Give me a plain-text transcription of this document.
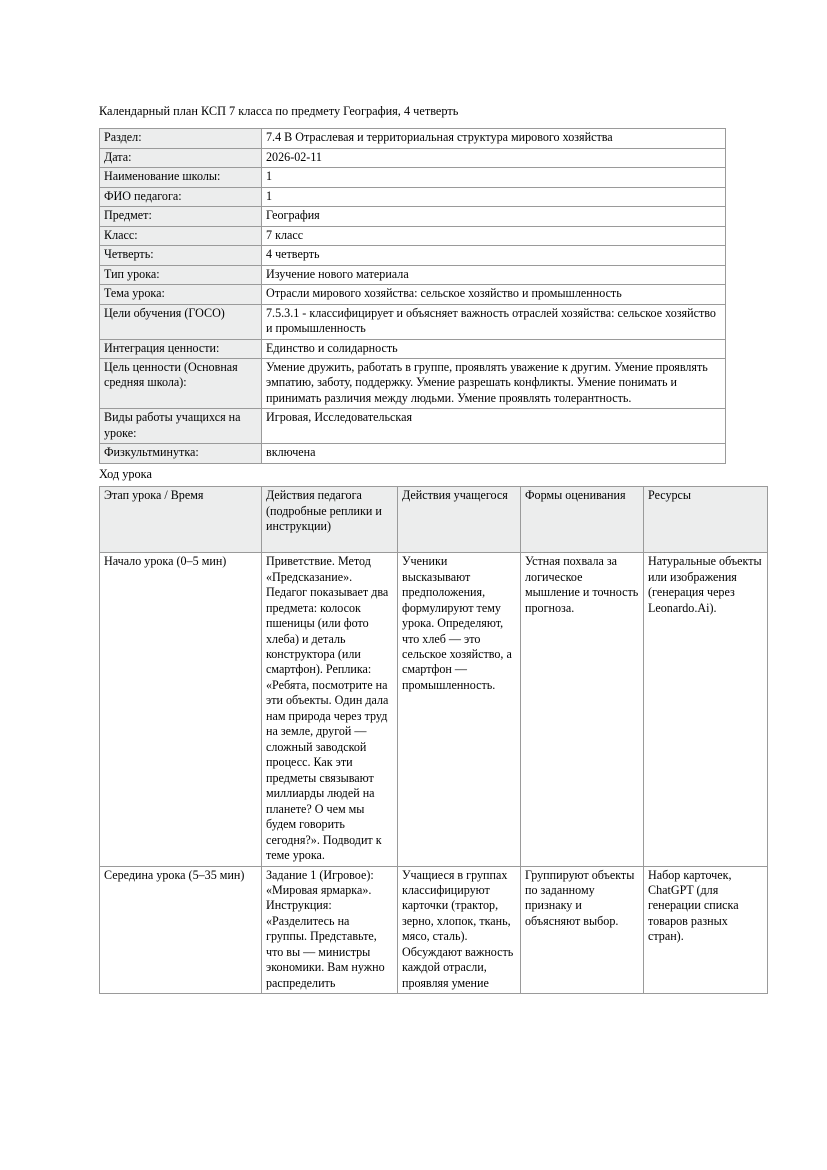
Календарный план КСП 7 класса по предмету География, 4 четверть
Раздел:	7.4 В Отраслевая и территориальная структура мирового хозяйства
Дата:	2026-02-11
Наименование школы:	1
ФИО педагога:	1
Предмет:	География
Класс:	7 класс
Четверть:	4 четверть
Тип урока:	Изучение нового материала
Тема урока:	Отрасли мирового хозяйства: сельское хозяйство и промышленность
Цели обучения (ГОСО)	7.5.3.1 - классифицирует и объясняет важность отраслей хозяйства: сельское хозяйство и промышленность
Интеграция ценности:	Единство и солидарность
Цель ценности (Основная средняя школа):	Умение дружить, работать в группе, проявлять уважение к другим. Умение проявлять эмпатию, заботу, поддержку. Умение разрешать конфликты. Умение понимать и принимать различия между людьми. Умение проявлять толерантность.
Виды работы учащихся на уроке:	Игровая, Исследовательская
Физкультминутка:	включена
Ход урока
Этап урока / Время	Действия педагога (подробные реплики и инструкции)	Действия учащегося	Формы оценивания	Ресурсы
Начало урока (0–5 мин)	Приветствие. Метод «Предсказание». Педагог показывает два предмета: колосок пшеницы (или фото хлеба) и деталь конструктора (или смартфон). Реплика: «Ребята, посмотрите на эти объекты. Один дала нам природа через труд на земле, другой — сложный заводской процесс. Как эти предметы связывают миллиарды людей на планете? О чем мы будем говорить сегодня?». Подводит к теме урока.	Ученики высказывают предположения, формулируют тему урока. Определяют, что хлеб — это сельское хозяйство, а смартфон — промышленность.	Устная похвала за логическое мышление и точность прогноза.	Натуральные объекты или изображения (генерация через Leonardo.Ai).
Середина урока (5–35 мин)	Задание 1 (Игровое): «Мировая ярмарка». Инструкция: «Разделитесь на группы. Представьте, что вы — министры экономики. Вам нужно распределить	Учащиеся в группах классифицируют карточки (трактор, зерно, хлопок, ткань, мясо, сталь). Обсуждают важность каждой отрасли, проявляя умение	Группируют объекты по заданному признаку и объясняют выбор.	Набор карточек, ChatGPT (для генерации списка товаров разных стран).
